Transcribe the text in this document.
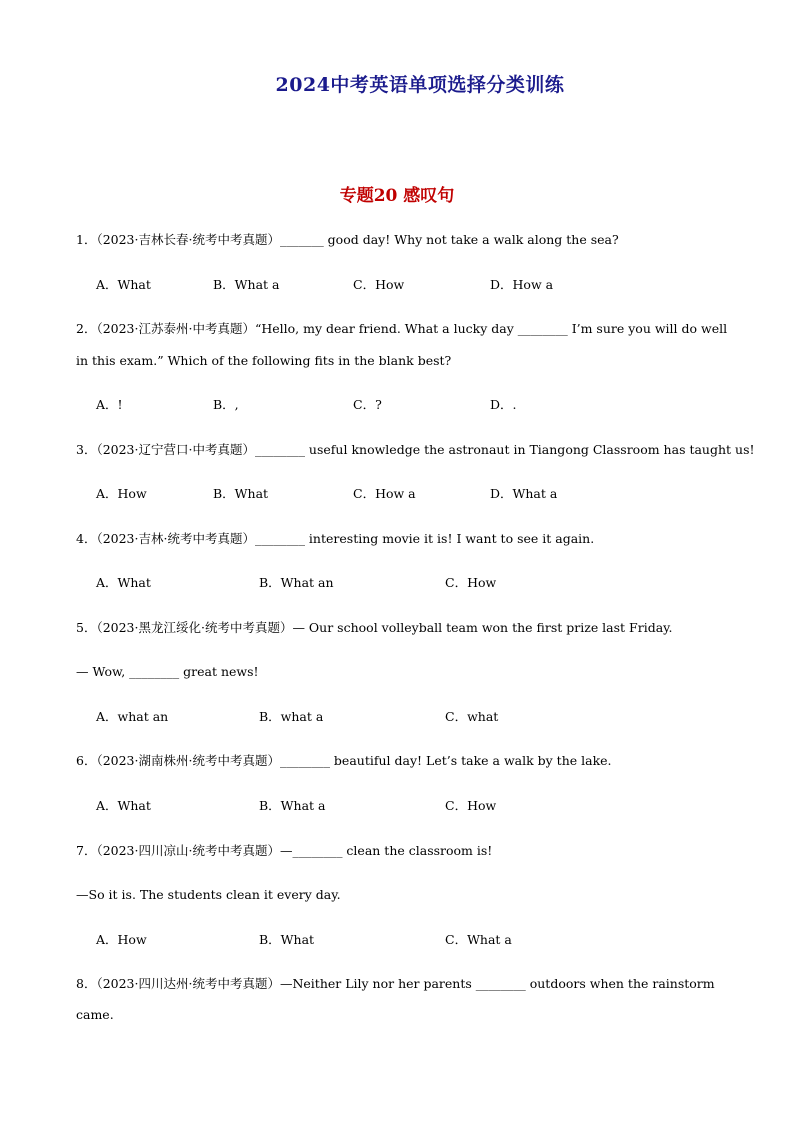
2024中考英语单项选择分类训练
专题20 感叹句
1．（2023·吉林长春·统考中考真题）_______ good day! Why not take a walk along the sea?
A．What	B．What a	C．How	D．How a
2．（2023·江苏泰州·中考真题）“Hello, my dear friend. What a lucky day ________ I’m sure you will do well
in this exam.” Which of the following fits in the blank best?
A．!	B．,	C．?	D．.
3．（2023·辽宁营口·中考真题）________ useful knowledge the astronaut in Tiangong Classroom has taught us!
A．How	B．What	C．How a	D．What a
4．（2023·吉林·统考中考真题）________ interesting movie it is! I want to see it again.
A．What	B．What an	C．How
5．（2023·黑龙江绥化·统考中考真题）— Our school volleyball team won the first prize last Friday.
— Wow, ________ great news!
A．what an	B．what a	C．what
6．（2023·湖南株州·统考中考真题）________ beautiful day! Let’s take a walk by the lake.
A．What	B．What a	C．How
7．（2023·四川凉山·统考中考真题）—________ clean the classroom is!
—So it is. The students clean it every day.
A．How	B．What	C．What a
8．（2023·四川达州·统考中考真题）—Neither Lily nor her parents ________ outdoors when the rainstorm
came.
